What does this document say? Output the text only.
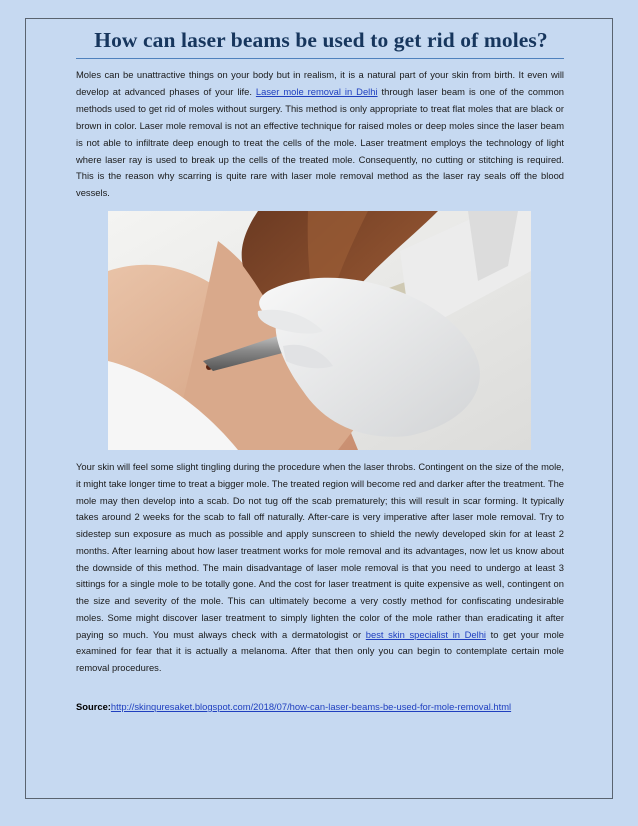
How can laser beams be used to get rid of moles?

Moles can be unattractive things on your body but in realism, it is a natural part of your skin from birth. It even will develop at advanced phases of your life. Laser mole removal in Delhi through laser beam is one of the common methods used to get rid of moles without surgery. This method is only appropriate to treat flat moles that are black or brown in color. Laser mole removal is not an effective technique for raised moles or deep moles since the laser beam is not able to infiltrate deep enough to treat the cells of the mole. Laser treatment employs the technology of light where laser ray is used to break up the cells of the treated mole. Consequently, no cutting or stitching is required. This is the reason why scarring is quite rare with laser mole removal method as the laser ray seals off the blood vessels.

Your skin will feel some slight tingling during the procedure when the laser throbs. Contingent on the size of the mole, it might take longer time to treat a bigger mole. The treated region will become red and darker after the treatment. The mole may then develop into a scab. Do not tug off the scab prematurely; this will result in scar forming. It typically takes around 2 weeks for the scab to fall off naturally. After-care is very imperative after laser mole removal. Try to sidestep sun exposure as much as possible and apply sunscreen to shield the newly developed skin for at least 2 months. After learning about how laser treatment works for mole removal and its advantages, now let us know about the downside of this method. The main disadvantage of laser mole removal is that you need to undergo at least 3 sittings for a single mole to be totally gone. And the cost for laser treatment is quite expensive as well, contingent on the size and severity of the mole. This can ultimately become a very costly method for confiscating undesirable moles. Some might discover laser treatment to simply lighten the color of the mole rather than eradicating it after paying so much. You must always check with a dermatologist or best skin specialist in Delhi to get your mole examined for fear that it is actually a melanoma. After that then only you can begin to contemplate certain mole removal procedures.

Source:http://skinquresaket.blogspot.com/2018/07/how-can-laser-beams-be-used-for-mole-removal.html
